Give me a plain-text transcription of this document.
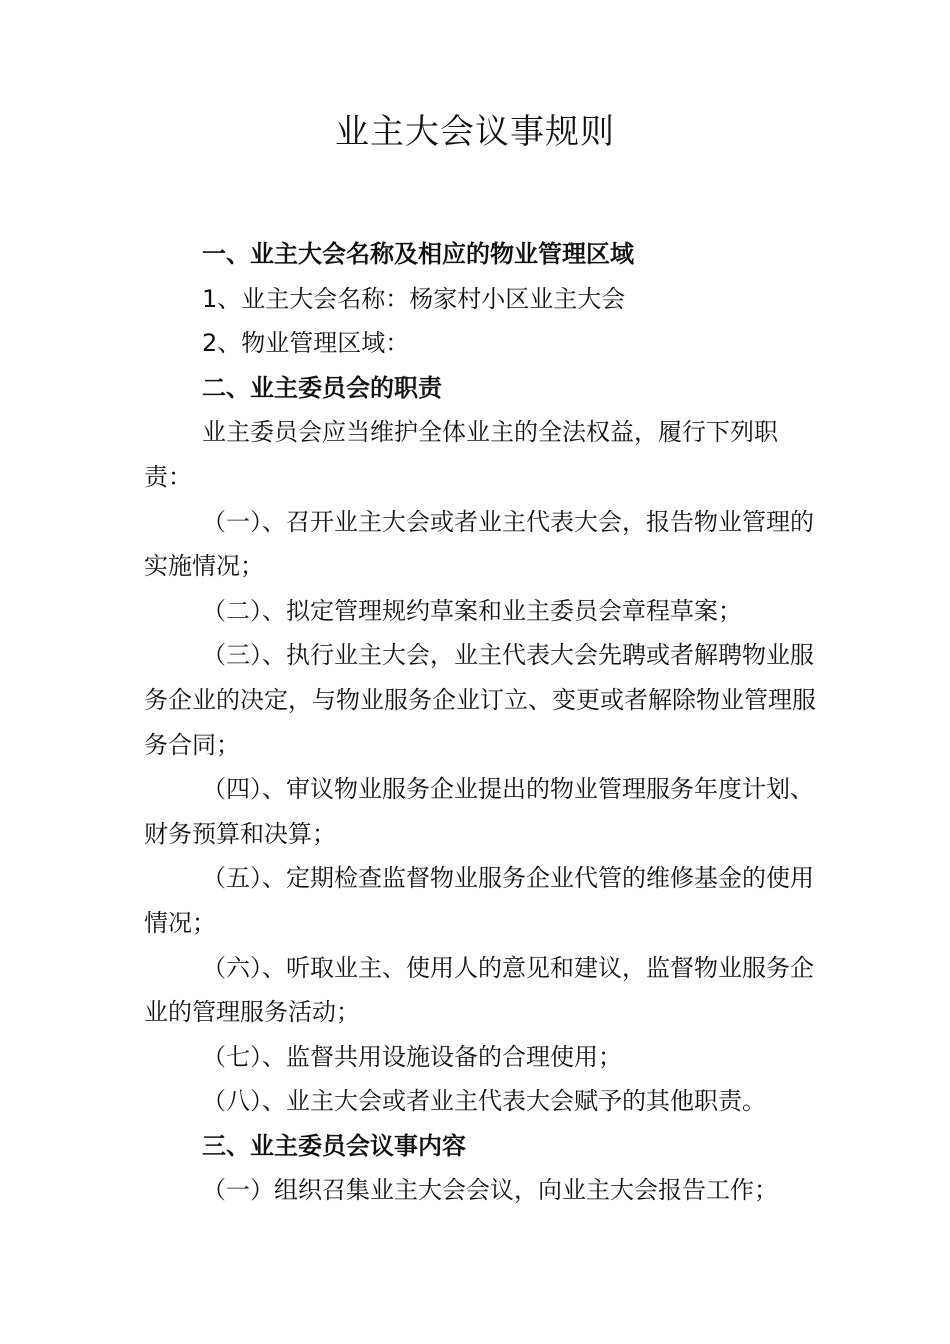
业主大会议事规则

一、业主大会名称及相应的物业管理区域

1、业主大会名称：杨家村小区业主大会

2、物业管理区域：

二、业主委员会的职责

业主委员会应当维护全体业主的全法权益，履行下列职责：

（一）、召开业主大会或者业主代表大会，报告物业管理的实施情况；

（二）、拟定管理规约草案和业主委员会章程草案；

（三）、执行业主大会，业主代表大会先聘或者解聘物业服务企业的决定，与物业服务企业订立、变更或者解除物业管理服务合同；

（四）、审议物业服务企业提出的物业管理服务年度计划、财务预算和决算；

（五）、定期检查监督物业服务企业代管的维修基金的使用情况；

（六）、听取业主、使用人的意见和建议，监督物业服务企业的管理服务活动；

（七）、监督共用设施设备的合理使用；

（八）、业主大会或者业主代表大会赋予的其他职责。

三、业主委员会议事内容

（一）组织召集业主大会会议，向业主大会报告工作；
